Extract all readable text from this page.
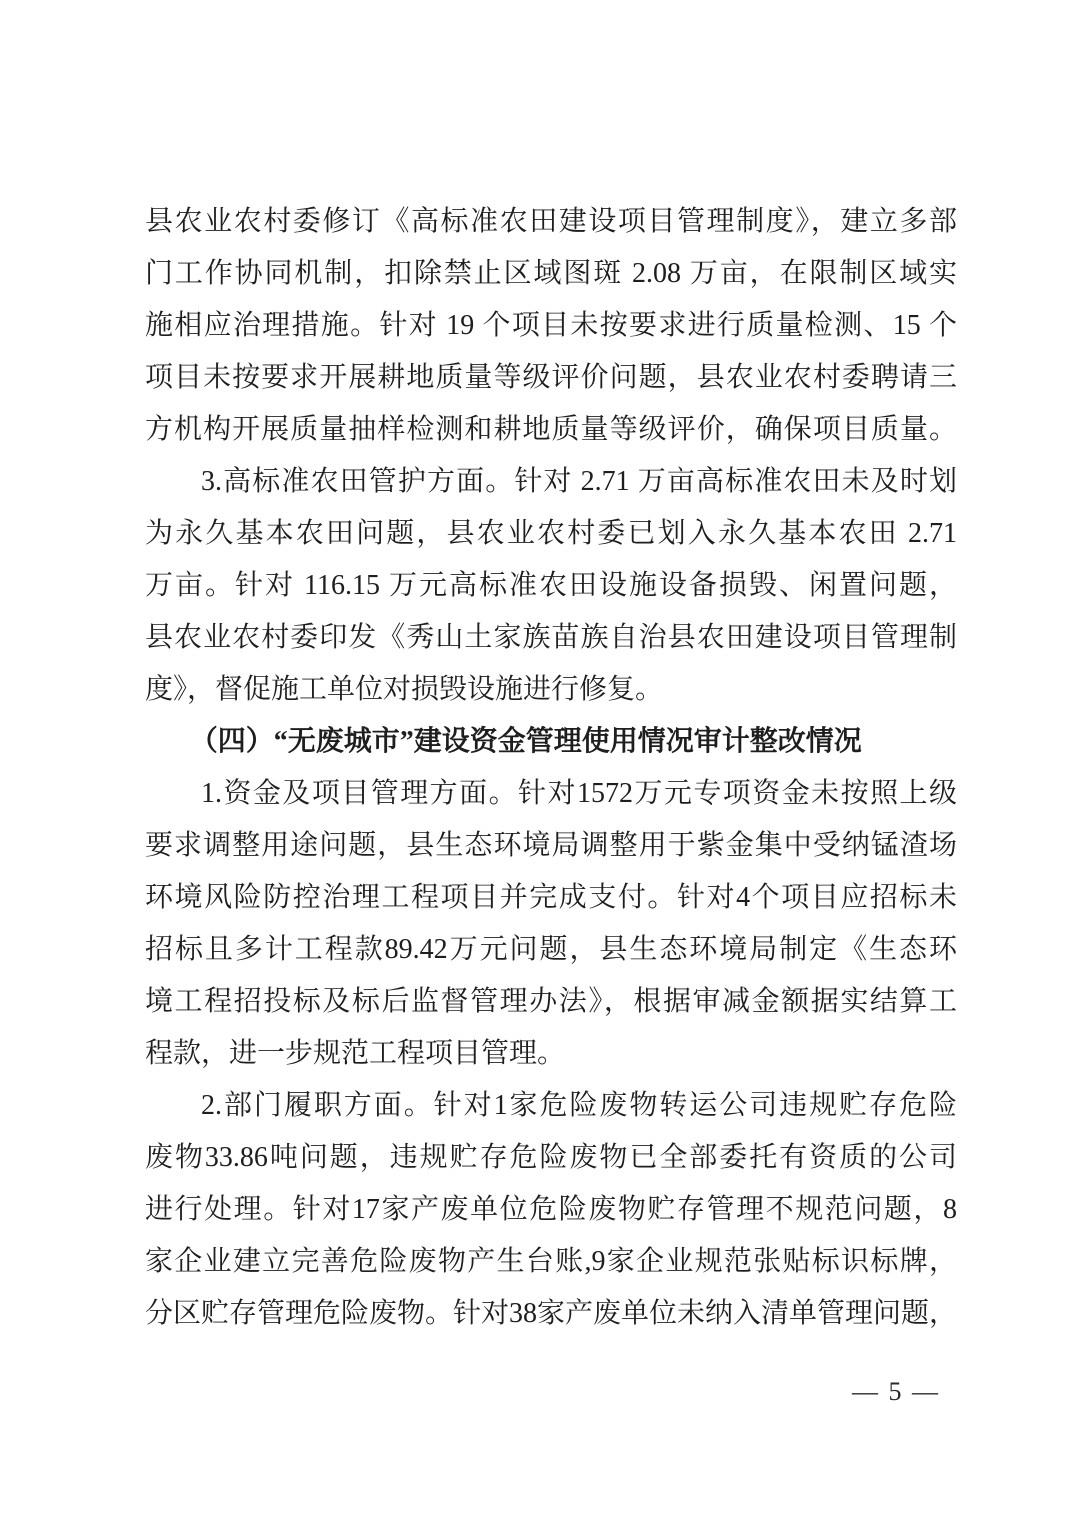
县农业农村委修订《高标准农田建设项目管理制度》，建立多部
门工作协同机制，扣除禁止区域图斑 2.08 万亩，在限制区域实
施相应治理措施。针对 19 个项目未按要求进行质量检测、15 个
项目未按要求开展耕地质量等级评价问题，县农业农村委聘请三
方机构开展质量抽样检测和耕地质量等级评价，确保项目质量。
3.高标准农田管护方面。针对 2.71 万亩高标准农田未及时划
为永久基本农田问题，县农业农村委已划入永久基本农田 2.71
万亩。针对 116.15 万元高标准农田设施设备损毁、闲置问题，
县农业农村委印发《秀山土家族苗族自治县农田建设项目管理制
度》，督促施工单位对损毁设施进行修复。
（四）“无废城市”建设资金管理使用情况审计整改情况
1.资金及项目管理方面。针对1572万元专项资金未按照上级
要求调整用途问题，县生态环境局调整用于紫金集中受纳锰渣场
环境风险防控治理工程项目并完成支付。针对4个项目应招标未
招标且多计工程款89.42万元问题，县生态环境局制定《生态环
境工程招投标及标后监督管理办法》，根据审减金额据实结算工
程款，进一步规范工程项目管理。
2.部门履职方面。针对1家危险废物转运公司违规贮存危险
废物33.86吨问题，违规贮存危险废物已全部委托有资质的公司
进行处理。针对17家产废单位危险废物贮存管理不规范问题，8
家企业建立完善危险废物产生台账,9家企业规范张贴标识标牌，
分区贮存管理危险废物。针对38家产废单位未纳入清单管理问题，
— 5 —
